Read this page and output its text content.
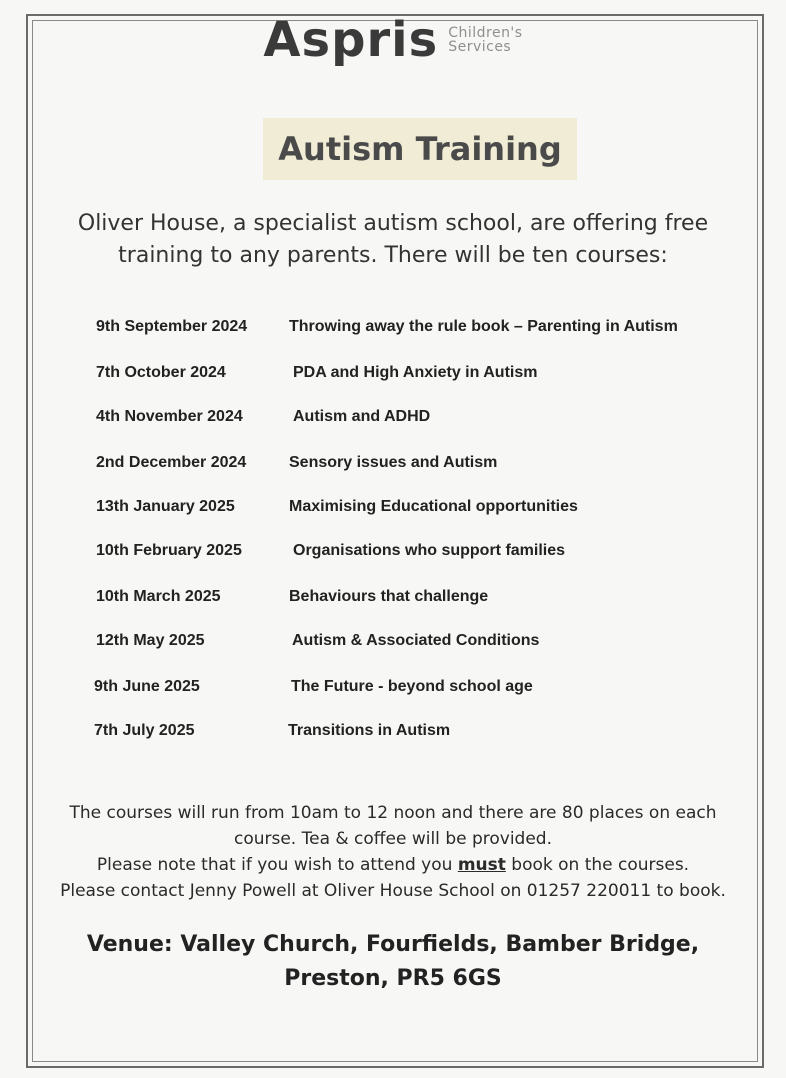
Aspris Children's
Services
Autism Training
Oliver House, a specialist autism school, are offering free training to any parents. There will be ten courses:
9th September 2024	Throwing away the rule book – Parenting in Autism
7th October 2024	PDA and High Anxiety in Autism
4th November 2024	Autism and ADHD
2nd December 2024	Sensory issues and Autism
13th January 2025	Maximising Educational opportunities
10th February 2025	Organisations who support families
10th March 2025	Behaviours that challenge
12th May 2025	Autism & Associated Conditions
9th June 2025	The Future - beyond school age
7th July 2025	Transitions in Autism
The courses will run from 10am to 12 noon and there are 80 places on each course. Tea & coffee will be provided.
Please note that if you wish to attend you must book on the courses.
Please contact Jenny Powell at Oliver House School on 01257 220011 to book.
Venue: Valley Church, Fourfields, Bamber Bridge, Preston, PR5 6GS
